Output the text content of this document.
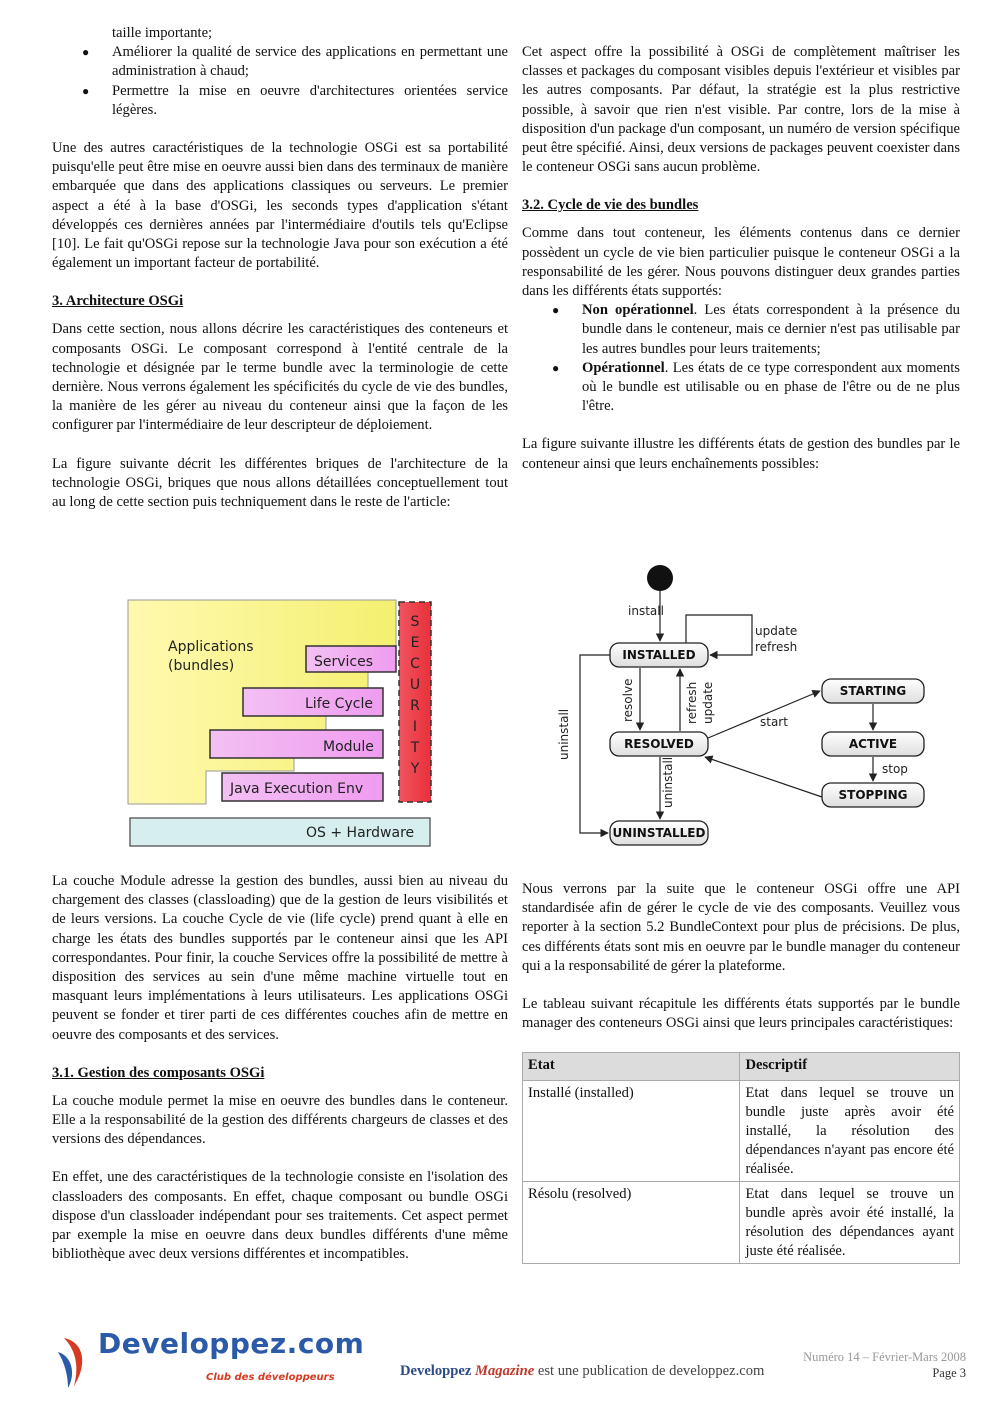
taille importante;

● Améliorer la qualité de service des applications en permettant une administration à chaud;
● Permettre la mise en oeuvre d'architectures orientées service légères.

Une des autres caractéristiques de la technologie OSGi est sa portabilité puisqu'elle peut être mise en oeuvre aussi bien dans des terminaux de manière embarquée que dans des applications classiques ou serveurs. Le premier aspect a été à la base d'OSGi, les seconds types d'application s'étant développés ces dernières années par l'intermédiaire d'outils tels qu'Eclipse [10]. Le fait qu'OSGi repose sur la technologie Java pour son exécution a été également un important facteur de portabilité.

3. Architecture OSGi

Dans cette section, nous allons décrire les caractéristiques des conteneurs et composants OSGi. Le composant correspond à l'entité centrale de la technologie et désignée par le terme bundle avec la terminologie de cette dernière. Nous verrons également les spécificités du cycle de vie des bundles, la manière de les gérer au niveau du conteneur ainsi que la façon de les configurer par l'intermédiaire de leur descripteur de déploiement.

La figure suivante décrit les différentes briques de l'architecture de la technologie OSGi, briques que nous allons détaillées conceptuellement tout au long de cette section puis techniquement dans le reste de l'article:

Applications
(bundles)	Services
Life Cycle
Module
Java Execution Env
OS + Hardware
S
E
C
U
R
I
T
Y

La couche Module adresse la gestion des bundles, aussi bien au niveau du chargement des classes (classloading) que de la gestion de leurs visibilités et de leurs versions. La couche Cycle de vie (life cycle) prend quant à elle en charge les états des bundles supportés par le conteneur ainsi que les API correspondantes. Pour finir, la couche Services offre la possibilité de mettre à disposition des services au sein d'une même machine virtuelle tout en masquant leurs implémentations à leurs utilisateurs. Les applications OSGi peuvent se fonder et tirer parti de ces différentes couches afin de mettre en oeuvre des composants et des services.

3.1. Gestion des composants OSGi

La couche module permet la mise en oeuvre des bundles dans le conteneur. Elle a la responsabilité de la gestion des différents chargeurs de classes et des versions des dépendances.

En effet, une des caractéristiques de la technologie consiste en l'isolation des classloaders des composants. En effet, chaque composant ou bundle OSGi dispose d'un classloader indépendant pour ses traitements. Cet aspect permet par exemple la mise en oeuvre dans deux bundles différents d'une même bibliothèque avec deux versions différentes et incompatibles.

Cet aspect offre la possibilité à OSGi de complètement maîtriser les classes et packages du composant visibles depuis l'extérieur et visibles par les autres composants. Par défaut, la stratégie est la plus restrictive possible, à savoir que rien n'est visible. Par contre, lors de la mise à disposition d'un package d'un composant, un numéro de version spécifique peut être spécifié. Ainsi, deux versions de packages peuvent coexister dans le conteneur OSGi sans aucun problème.

3.2. Cycle de vie des bundles

Comme dans tout conteneur, les éléments contenus dans ce dernier possèdent un cycle de vie bien particulier puisque le conteneur OSGi a la responsabilité de les gérer. Nous pouvons distinguer deux grandes parties dans les différents états supportés:

● Non opérationnel. Les états correspondent à la présence du bundle dans le conteneur, mais ce dernier n'est pas utilisable par les autres bundles pour leurs traitements;
● Opérationnel. Les états de ce type correspondent aux moments où le bundle est utilisable ou en phase de l'être ou de ne plus l'être.

La figure suivante illustre les différents états de gestion des bundles par le conteneur ainsi que leurs enchaînements possibles:

install
update
refresh
start
stop
resolve	refresh update
uninstall
uninstall
INSTALLED
RESOLVED
UNINSTALLED
STARTING
ACTIVE
STOPPING

Nous verrons par la suite que le conteneur OSGi offre une API standardisée afin de gérer le cycle de vie des composants. Veuillez vous reporter à la section 5.2 BundleContext pour plus de précisions. De plus, ces différents états sont mis en oeuvre par le bundle manager du conteneur qui a la responsabilité de gérer la plateforme.

Le tableau suivant récapitule les différents états supportés par le bundle manager des conteneurs OSGi ainsi que leurs principales caractéristiques:

Etat	Descriptif
Installé (installed)	Etat dans lequel se trouve un bundle juste après avoir été installé, la résolution des dépendances n'ayant pas encore été réalisée.
Résolu (resolved)	Etat dans lequel se trouve un bundle après avoir été installé, la résolution des dépendances ayant juste été réalisée.
Developpez.com
Club des développeurs	Developpez Magazine est une publication de developpez.com
Numéro 14 – Février-Mars 2008
Page 3
